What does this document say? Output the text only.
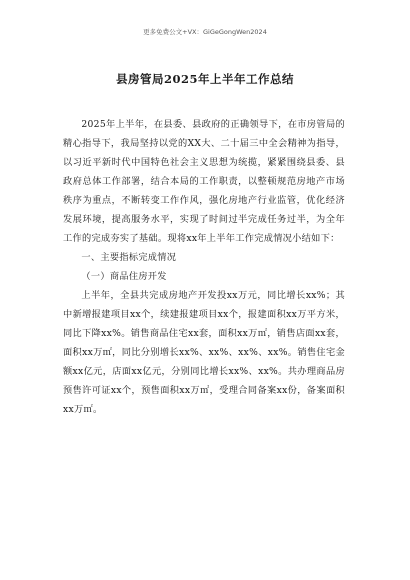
更多免费公文+VX：GiGeGongWen2024
县房管局2025年上半年工作总结

2025年上半年，在县委、县政府的正确领导下，在市房管局的精心指导下，我局坚持以党的XX大、二十届三中全会精神为指导，以习近平新时代中国特色社会主义思想为统揽，紧紧围绕县委、县政府总体工作部署，结合本局的工作职责，以整顿规范房地产市场秩序为重点，不断转变工作作风，强化房地产行业监管，优化经济发展环境，提高服务水平，实现了时间过半完成任务过半，为全年工作的完成夯实了基础。现将xx年上半年工作完成情况小结如下：

一、主要指标完成情况

（一）商品住房开发

上半年，全县共完成房地产开发投xx万元，同比增长xx%；其中新增报建项目xx个，续建报建项目xx个，报建面积xx万平方米，同比下降xx%。销售商品住宅xx套，面积xx万㎡，销售店面xx套，面积xx万㎡，同比分别增长xx%、xx%、xx%、xx%。销售住宅金额xx亿元，店面xx亿元，分别同比增长xx%、xx%。共办理商品房预售许可证xx个，预售面积xx万㎡，受理合同备案xx份，备案面积xx万㎡。
